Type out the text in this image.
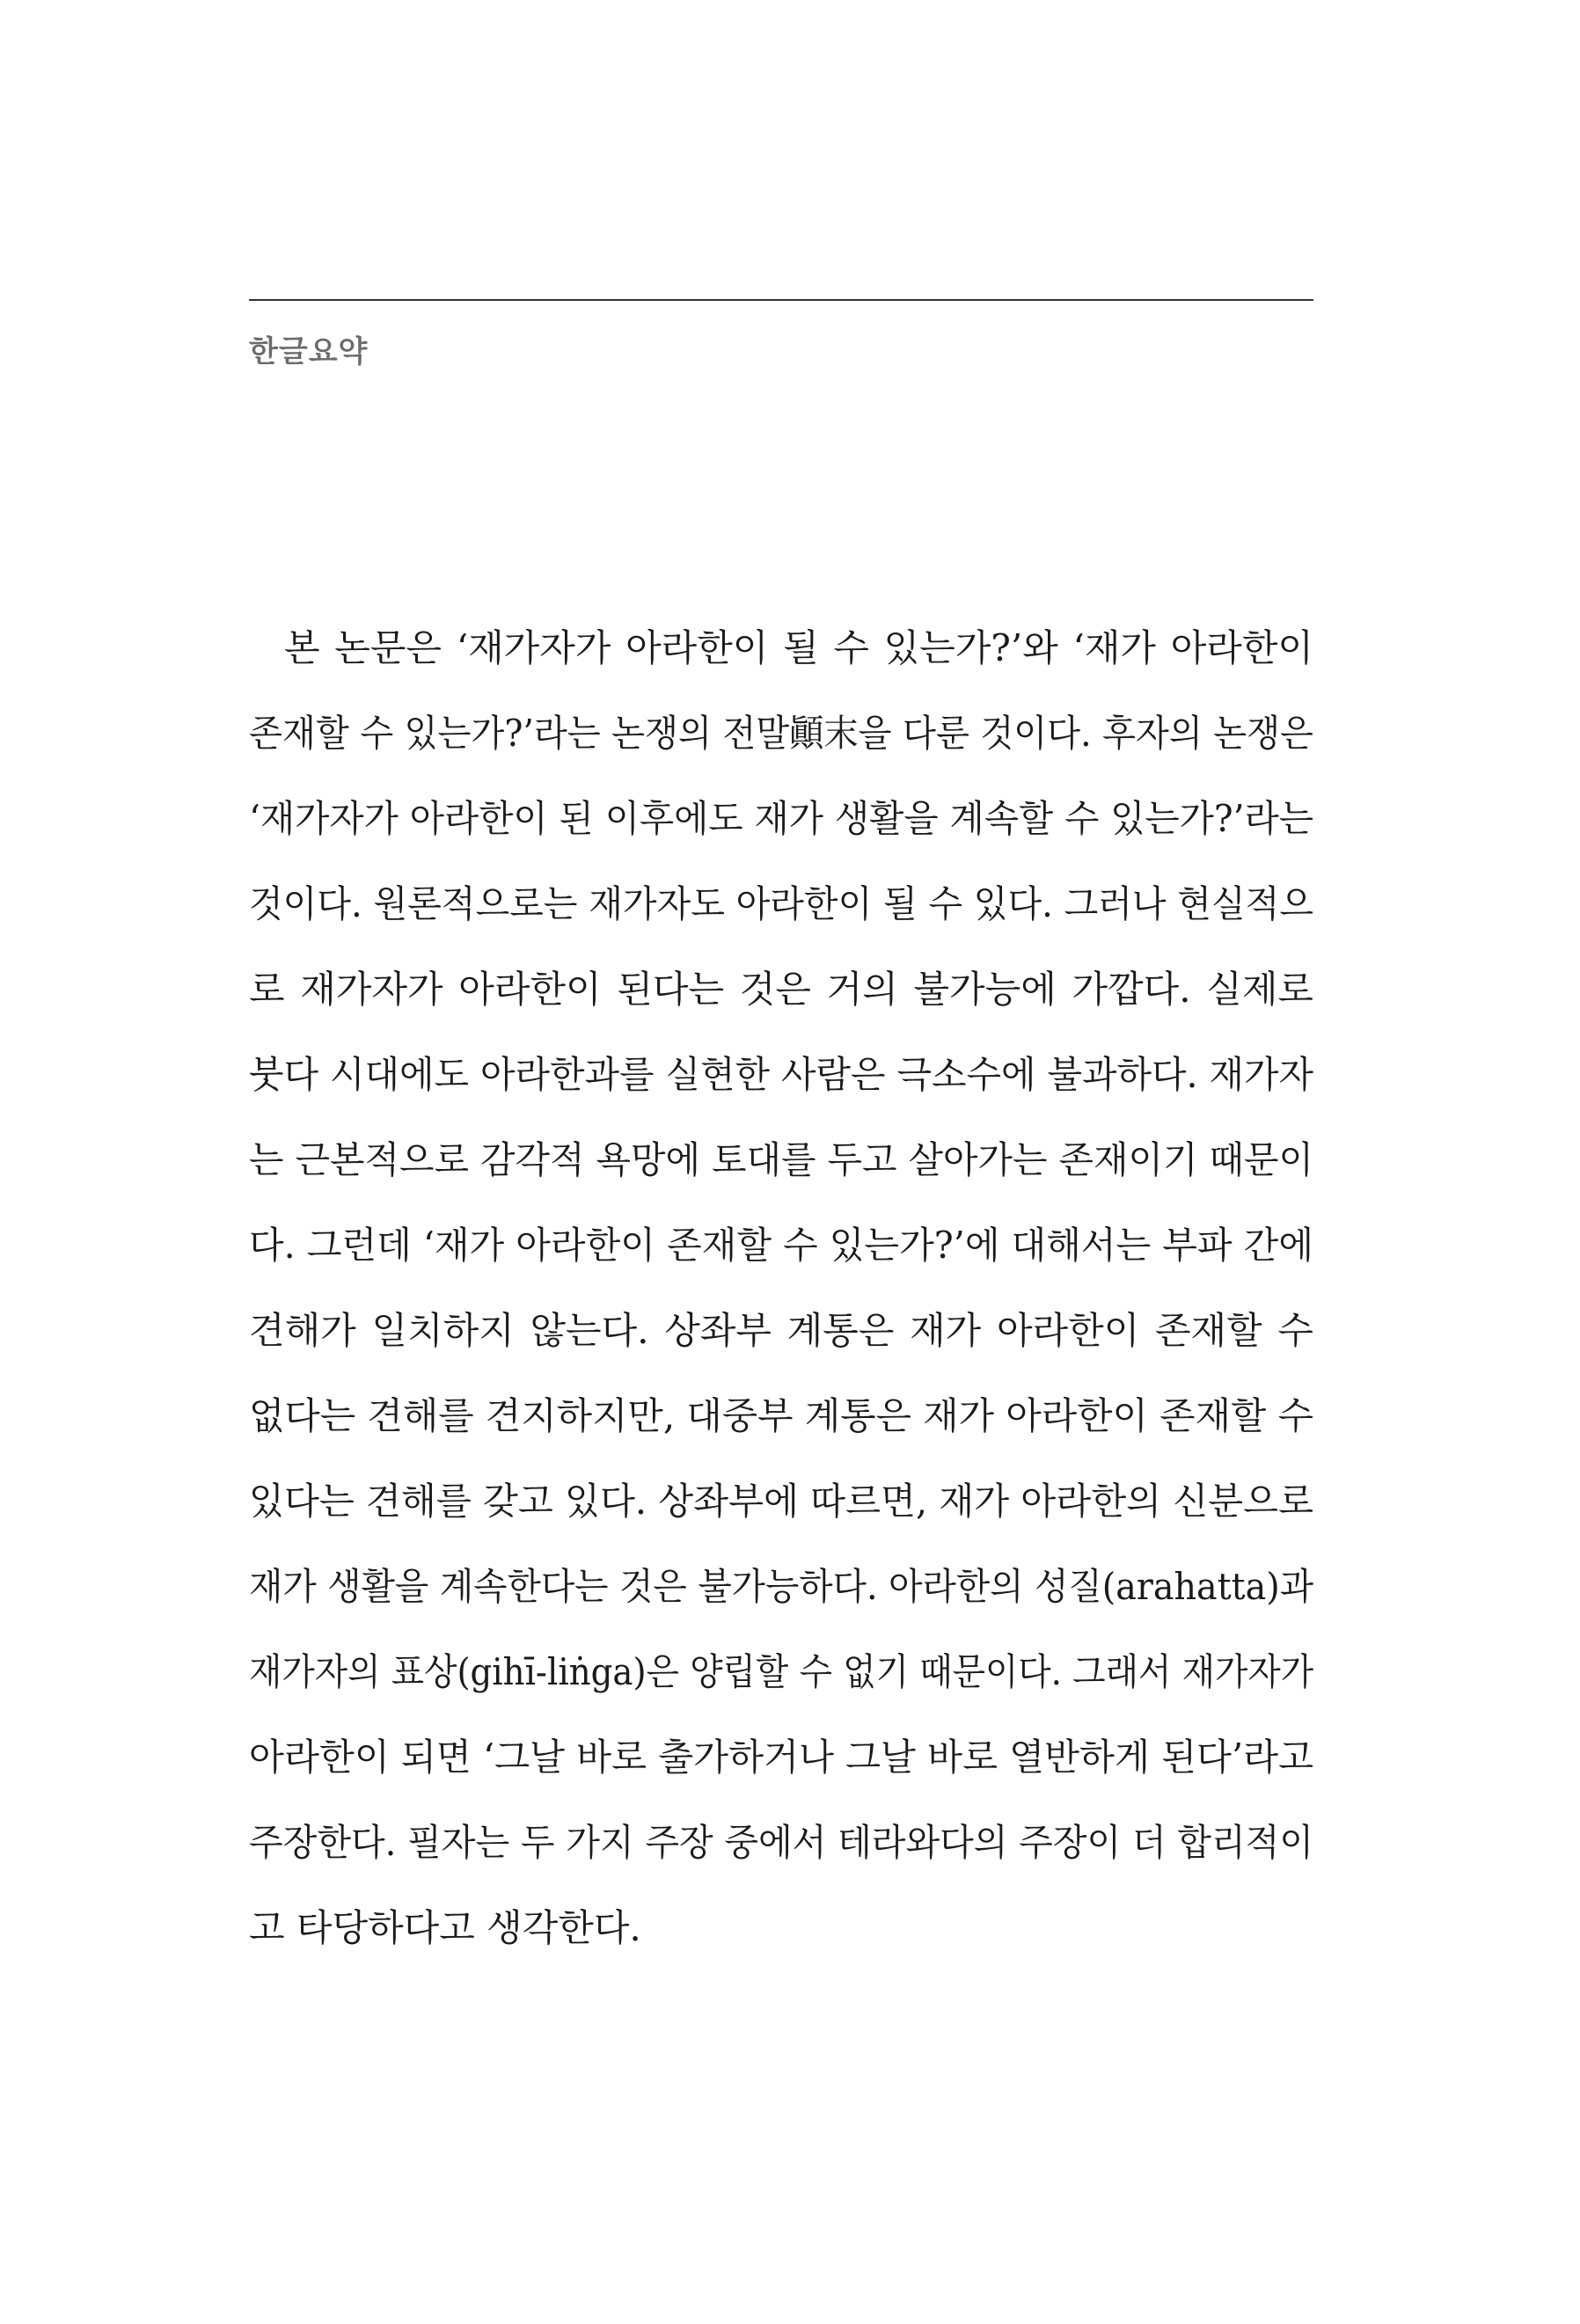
한글요약
본 논문은 ‘재가자가 아라한이 될 수 있는가?’와 ‘재가 아라한이
존재할 수 있는가?’라는 논쟁의 전말顚末을 다룬 것이다. 후자의 논쟁은
‘재가자가 아라한이 된 이후에도 재가 생활을 계속할 수 있는가?’라는
것이다. 원론적으로는 재가자도 아라한이 될 수 있다. 그러나 현실적으
로 재가자가 아라한이 된다는 것은 거의 불가능에 가깝다. 실제로
붓다 시대에도 아라한과를 실현한 사람은 극소수에 불과하다. 재가자
는 근본적으로 감각적 욕망에 토대를 두고 살아가는 존재이기 때문이
다. 그런데 ‘재가 아라한이 존재할 수 있는가?’에 대해서는 부파 간에
견해가 일치하지 않는다. 상좌부 계통은 재가 아라한이 존재할 수
없다는 견해를 견지하지만, 대중부 계통은 재가 아라한이 존재할 수
있다는 견해를 갖고 있다. 상좌부에 따르면, 재가 아라한의 신분으로
재가 생활을 계속한다는 것은 불가능하다. 아라한의 성질(arahatta)과
재가자의 표상(gihī-liṅga)은 양립할 수 없기 때문이다. 그래서 재가자가
아라한이 되면 ‘그날 바로 출가하거나 그날 바로 열반하게 된다’라고
주장한다. 필자는 두 가지 주장 중에서 테라와다의 주장이 더 합리적이
고 타당하다고 생각한다.
